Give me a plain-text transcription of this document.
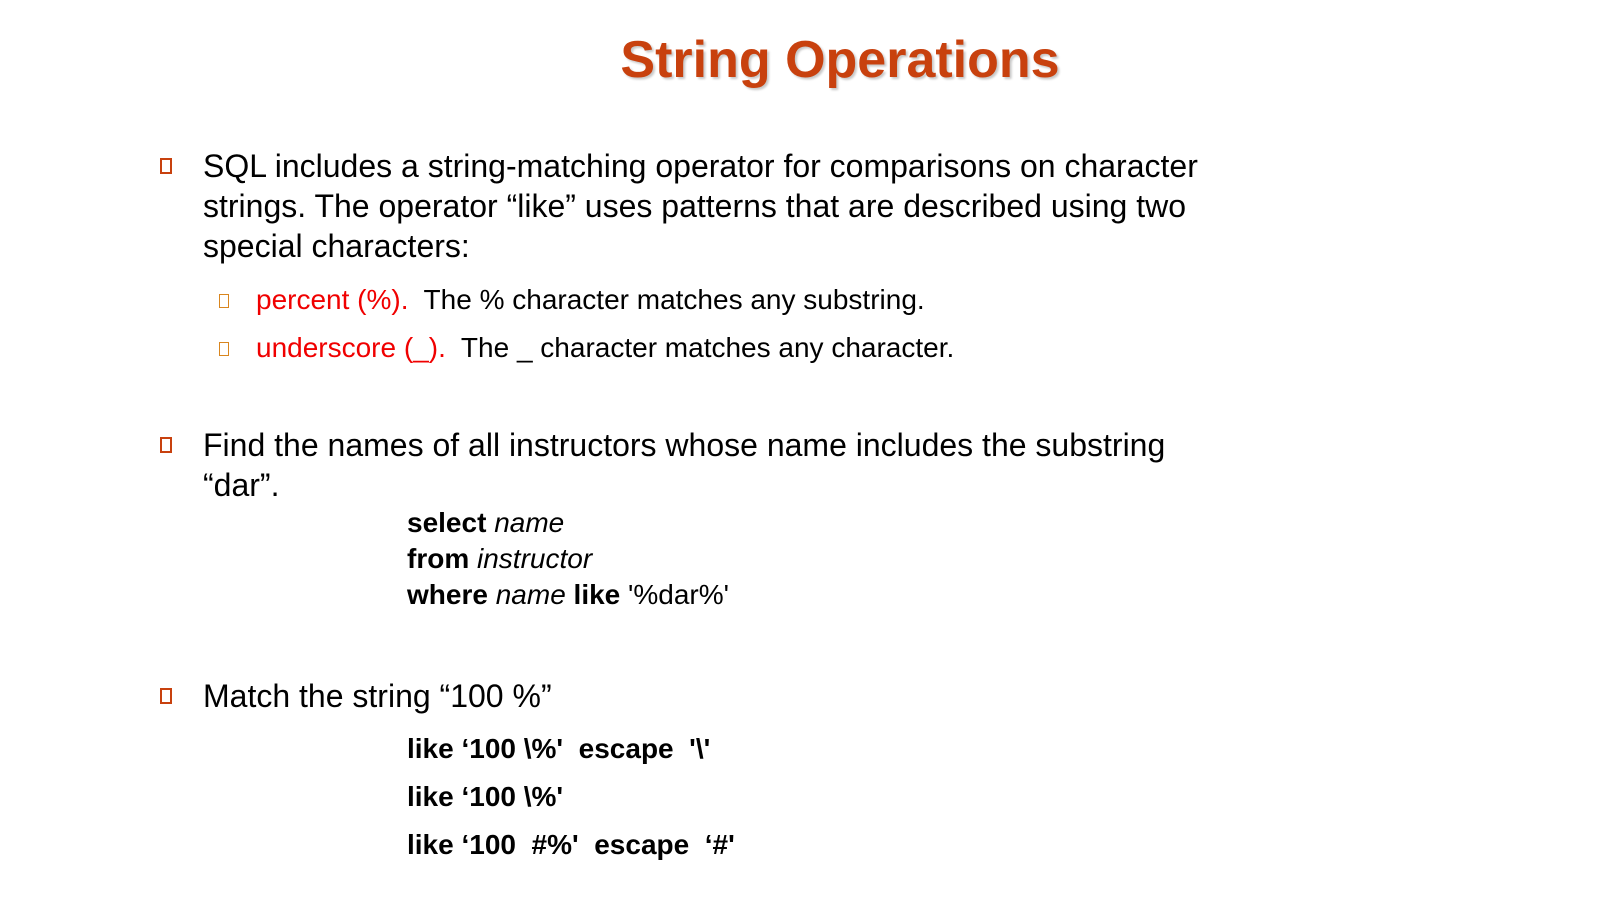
String Operations
SQL includes a string-matching operator for comparisons on character strings. The operator “like” uses patterns that are described using two special characters:
percent (%).  The % character matches any substring.
underscore (_).  The _ character matches any character.
Find the names of all instructors whose name includes the substring “dar”.
select name
from instructor
where name like '%dar%'
Match the string “100 %”
like ‘100 \%'  escape  '\'
like ‘100 \%'
like ‘100  #%'  escape  ‘#'
